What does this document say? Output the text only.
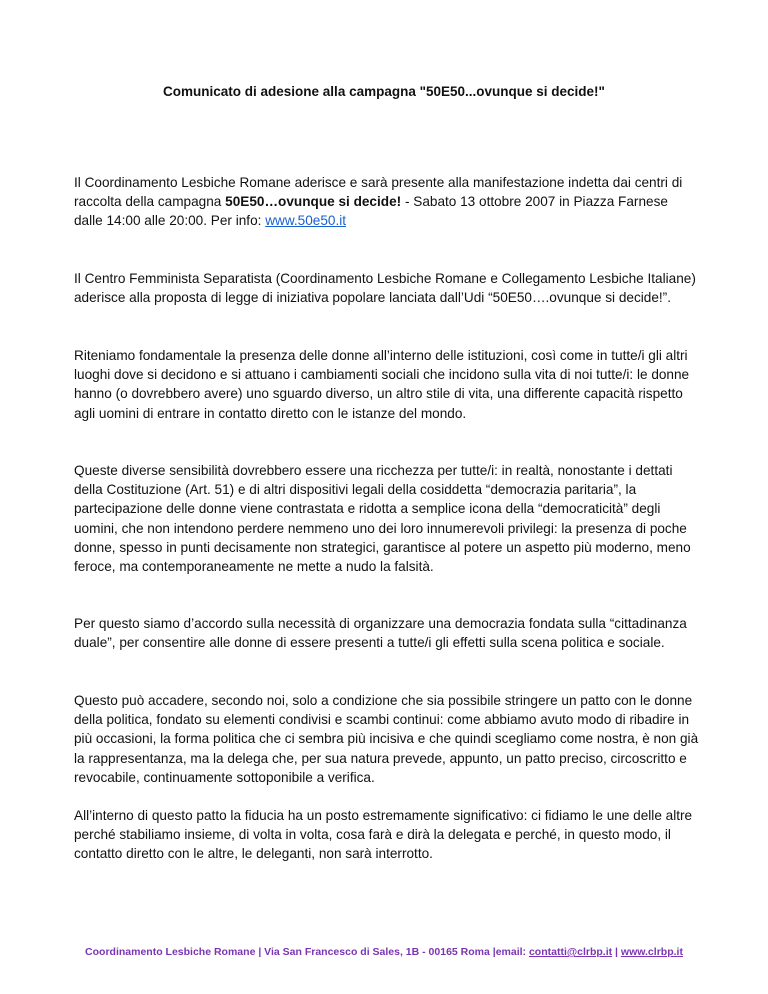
Comunicato di adesione alla campagna "50E50...ovunque si decide!"

Il Coordinamento Lesbiche Romane aderisce e sarà presente alla manifestazione indetta dai centri di raccolta della campagna 50E50…ovunque si decide! - Sabato 13 ottobre 2007 in Piazza Farnese dalle 14:00 alle 20:00. Per info: www.50e50.it

Il Centro Femminista Separatista (Coordinamento Lesbiche Romane e Collegamento Lesbiche Italiane) aderisce alla proposta di legge di iniziativa popolare lanciata dall’Udi “50E50….ovunque si decide!”.

Riteniamo fondamentale la presenza delle donne all’interno delle istituzioni, così come in tutte/i gli altri luoghi dove si decidono e si attuano i cambiamenti sociali che incidono sulla vita di noi tutte/i: le donne hanno (o dovrebbero avere) uno sguardo diverso, un altro stile di vita, una differente capacità rispetto agli uomini di entrare in contatto diretto con le istanze del mondo.

Queste diverse sensibilità dovrebbero essere una ricchezza per tutte/i: in realtà, nonostante i dettati della Costituzione (Art. 51) e di altri dispositivi legali della cosiddetta “democrazia paritaria”, la partecipazione delle donne viene contrastata e ridotta a semplice icona della “democraticità” degli uomini, che non intendono perdere nemmeno uno dei loro innumerevoli privilegi: la presenza di poche donne, spesso in punti decisamente non strategici, garantisce al potere un aspetto più moderno, meno feroce, ma contemporaneamente ne mette a nudo la falsità.

Per questo siamo d’accordo sulla necessità di organizzare una democrazia fondata sulla “cittadinanza duale”, per consentire alle donne di essere presenti a tutte/i gli effetti sulla scena politica e sociale.

Questo può accadere, secondo noi, solo a condizione che sia possibile stringere un patto con le donne della politica, fondato su elementi condivisi e scambi continui: come abbiamo avuto modo di ribadire in più occasioni, la forma politica che ci sembra più incisiva e che quindi scegliamo come nostra, è non già la rappresentanza, ma la delega che, per sua natura prevede, appunto, un patto preciso, circoscritto e revocabile, continuamente sottoponibile a verifica.

All’interno di questo patto la fiducia ha un posto estremamente significativo: ci fidiamo le une delle altre perché stabiliamo insieme, di volta in volta, cosa farà e dirà la delegata e perché, in questo modo, il contatto diretto con le altre, le deleganti, non sarà interrotto.

Coordinamento Lesbiche Romane | Via San Francesco di Sales, 1B - 00165 Roma |email: contatti@clrbp.it | www.clrbp.it
